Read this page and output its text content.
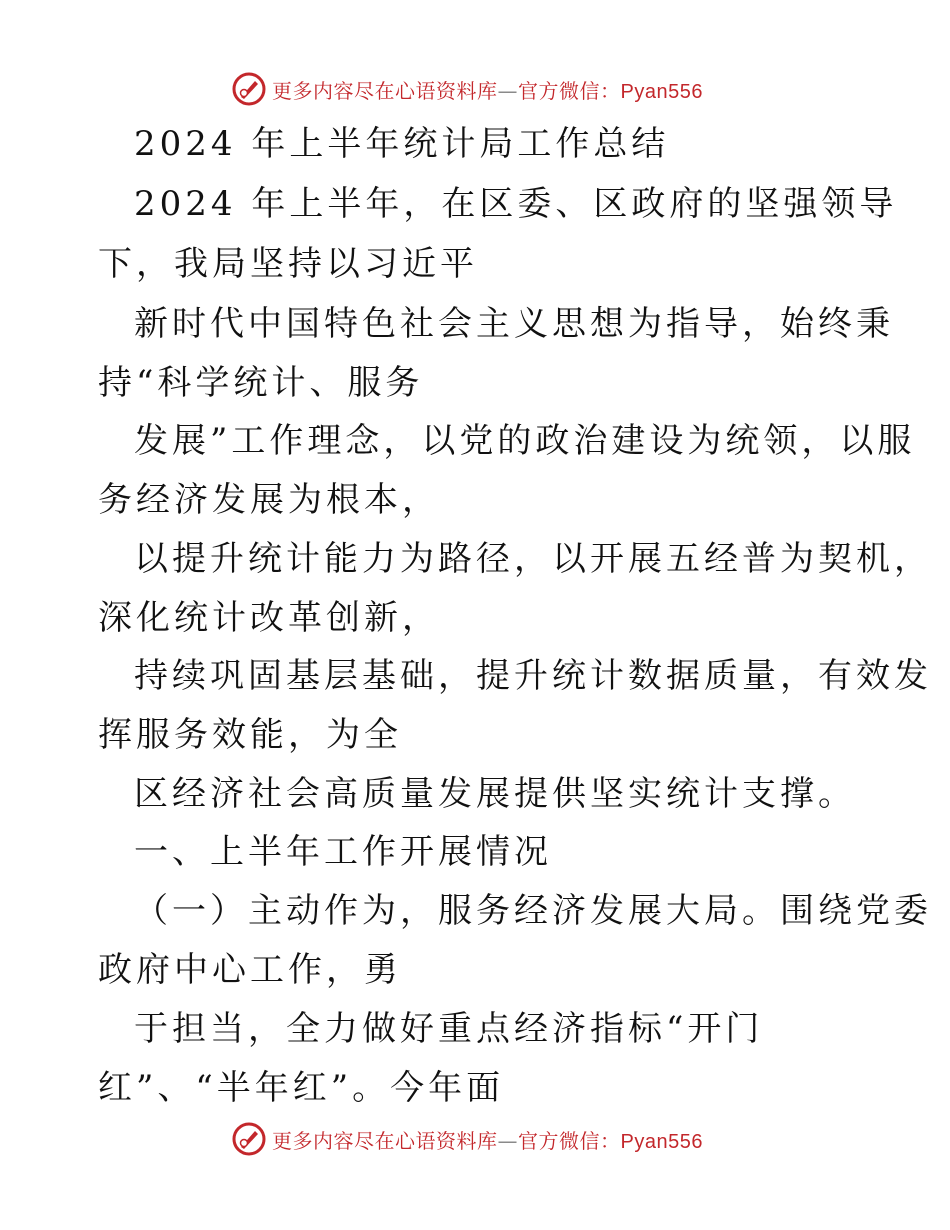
更多内容尽在心语资料库—官方微信：Pyan556
2024 年上半年统计局工作总结
2024 年上半年，在区委、区政府的坚强领导
下，我局坚持以习近平
新时代中国特色社会主义思想为指导，始终秉
持“科学统计、服务
发展”工作理念，以党的政治建设为统领，以服
务经济发展为根本，
以提升统计能力为路径，以开展五经普为契机，
深化统计改革创新，
持续巩固基层基础，提升统计数据质量，有效发
挥服务效能，为全
区经济社会高质量发展提供坚实统计支撑。
一、上半年工作开展情况
（一）主动作为，服务经济发展大局。围绕党委
政府中心工作，勇
于担当，全力做好重点经济指标“开门
红”、“半年红”。今年面
更多内容尽在心语资料库—官方微信：Pyan556
